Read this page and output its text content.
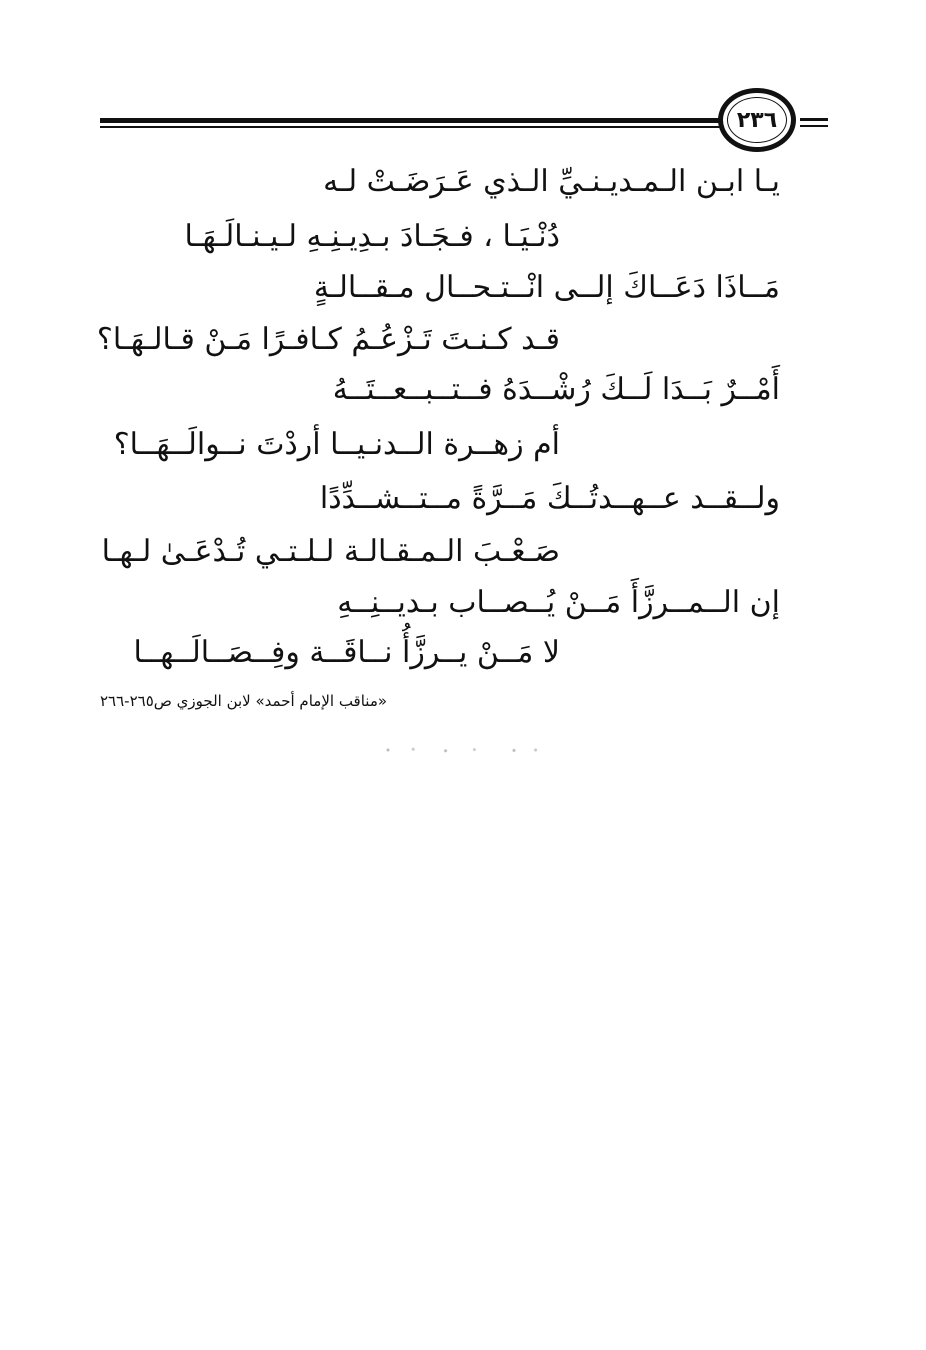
٢٣٦
يـا ابـن الـمـديـنـيِّ الـذي عَـرَضَـتْ لـه
دُنْـيَـا ، فـجَـادَ بـدِيـنِـهِ لـيـنـالَـهَـا
مَــاذَا دَعَــاكَ إلــى انْــتـحــال مـقــالـةٍ
قـد كـنـتَ تَـزْعُـمُ كـافـرًا مَـنْ قـالـهَـا؟
أَمْــرٌ بَــدَا لَــكَ رُشْــدَهُ فــتــبــعــتَــهُ
أم زهــرة الــدنـيــا أردْتَ نــوالَــهَــا؟
ولــقــد عــهــدتُــكَ مَــرَّةً مــتــشــدِّدًا
صَـعْـبَ الـمـقـالـة لـلـتـي تُـدْعَـىٰ لـهـا
إن الــمــرزَّأَ مَــنْ يُــصــاب بـديــنِــهِ
لا مَــنْ يــرزَّأُ نــاقَــة وفِــصَــالَــهــا
«مناقب الإمام أحمد» لابن الجوزي ص٢٦٥-٢٦٦
